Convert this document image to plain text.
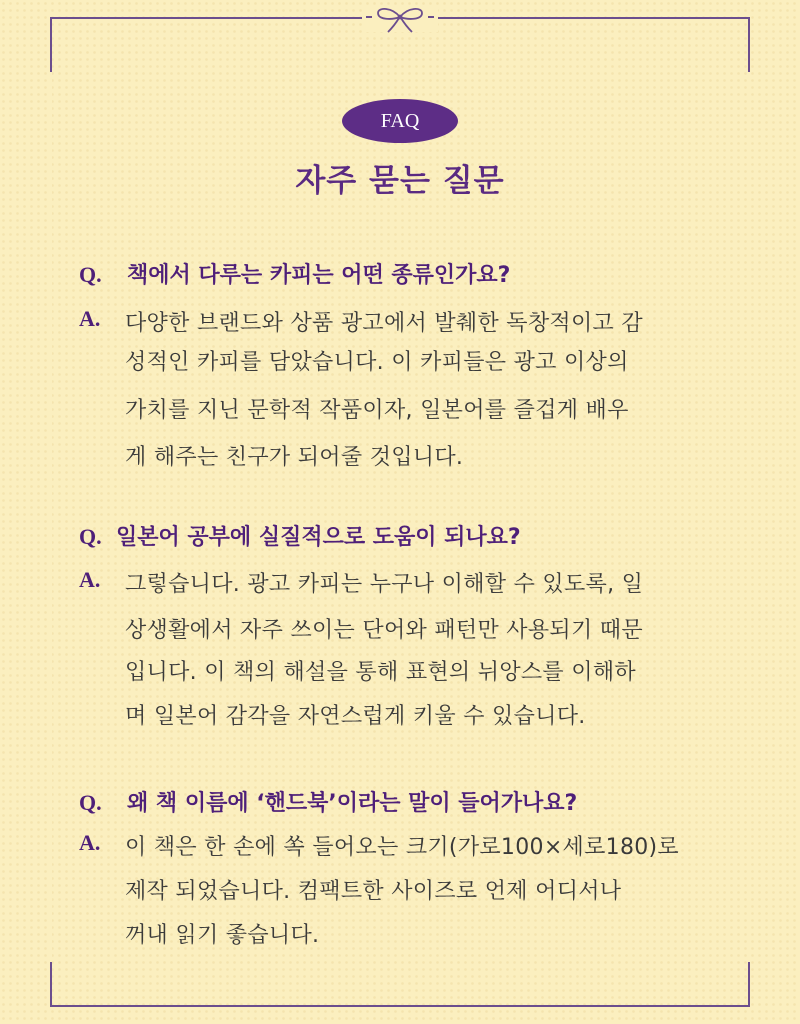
FAQ
자주 묻는 질문
Q. 책에서 다루는 카피는 어떤 종류인가요?
A. 다양한 브랜드와 상품 광고에서 발췌한 독창적이고 감
성적인 카피를 담았습니다. 이 카피들은 광고 이상의
가치를 지닌 문학적 작품이자, 일본어를 즐겁게 배우
게 해주는 친구가 되어줄 것입니다.
Q. 일본어 공부에 실질적으로 도움이 되나요?
A. 그렇습니다. 광고 카피는 누구나 이해할 수 있도록, 일
상생활에서 자주 쓰이는 단어와 패턴만 사용되기 때문
입니다. 이 책의 해설을 통해 표현의 뉘앙스를 이해하
며 일본어 감각을 자연스럽게 키울 수 있습니다.
Q. 왜 책 이름에 ‘핸드북’이라는 말이 들어가나요?
A. 이 책은 한 손에 쏙 들어오는 크기(가로100×세로180)로
제작 되었습니다. 컴팩트한 사이즈로 언제 어디서나
꺼내 읽기 좋습니다.
